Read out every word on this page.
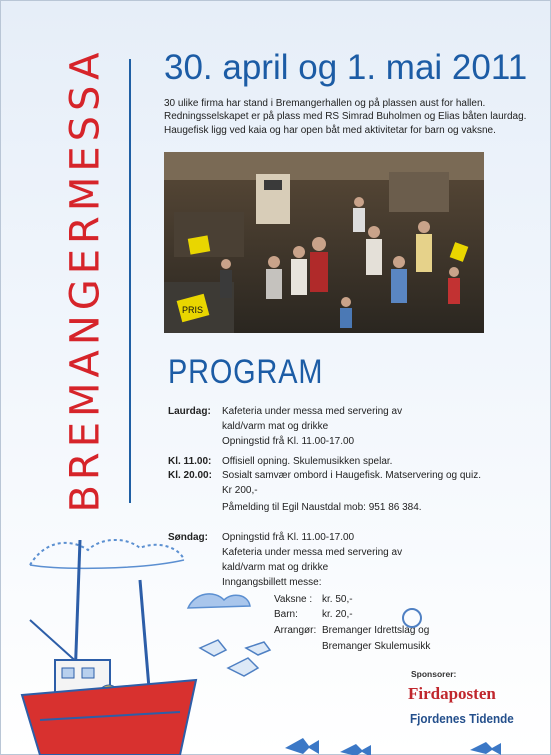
BREMANGERMESSA 30. april og 1. mai 2011

30 ulike firma har stand i Bremangerhallen og på plassen aust for hallen.
Redningsselskapet er på plass med RS Simrad Buholmen og Elias båten laurdag.
Haugefisk ligg ved kaia og har open båt med aktivitetar for barn og vaksne.

PRIS
PROGRAM
Laurdag: Kafeteria under messa med servering av
kald/varm mat og drikke
Opningstid frå Kl. 11.00-17.00
Kl. 11.00: Offisiell opning. Skulemusikken spelar.
Kl. 20.00: Sosialt samvær ombord i Haugefisk. Matservering og quiz.
Kr 200,-
Påmelding til Egil Naustdal mob: 951 86 384.
Søndag: Opningstid frå Kl. 11.00-17.00
Kafeteria under messa med servering av
kald/varm mat og drikke
Inngangsbillett messe:
Vaksne : kr. 50,-
Barn: kr. 20,-
Arrangør: Bremanger Idrettslag og
Bremanger Skulemusikk
Sponsorer:
Firdaposten
Fjordenes Tidende
